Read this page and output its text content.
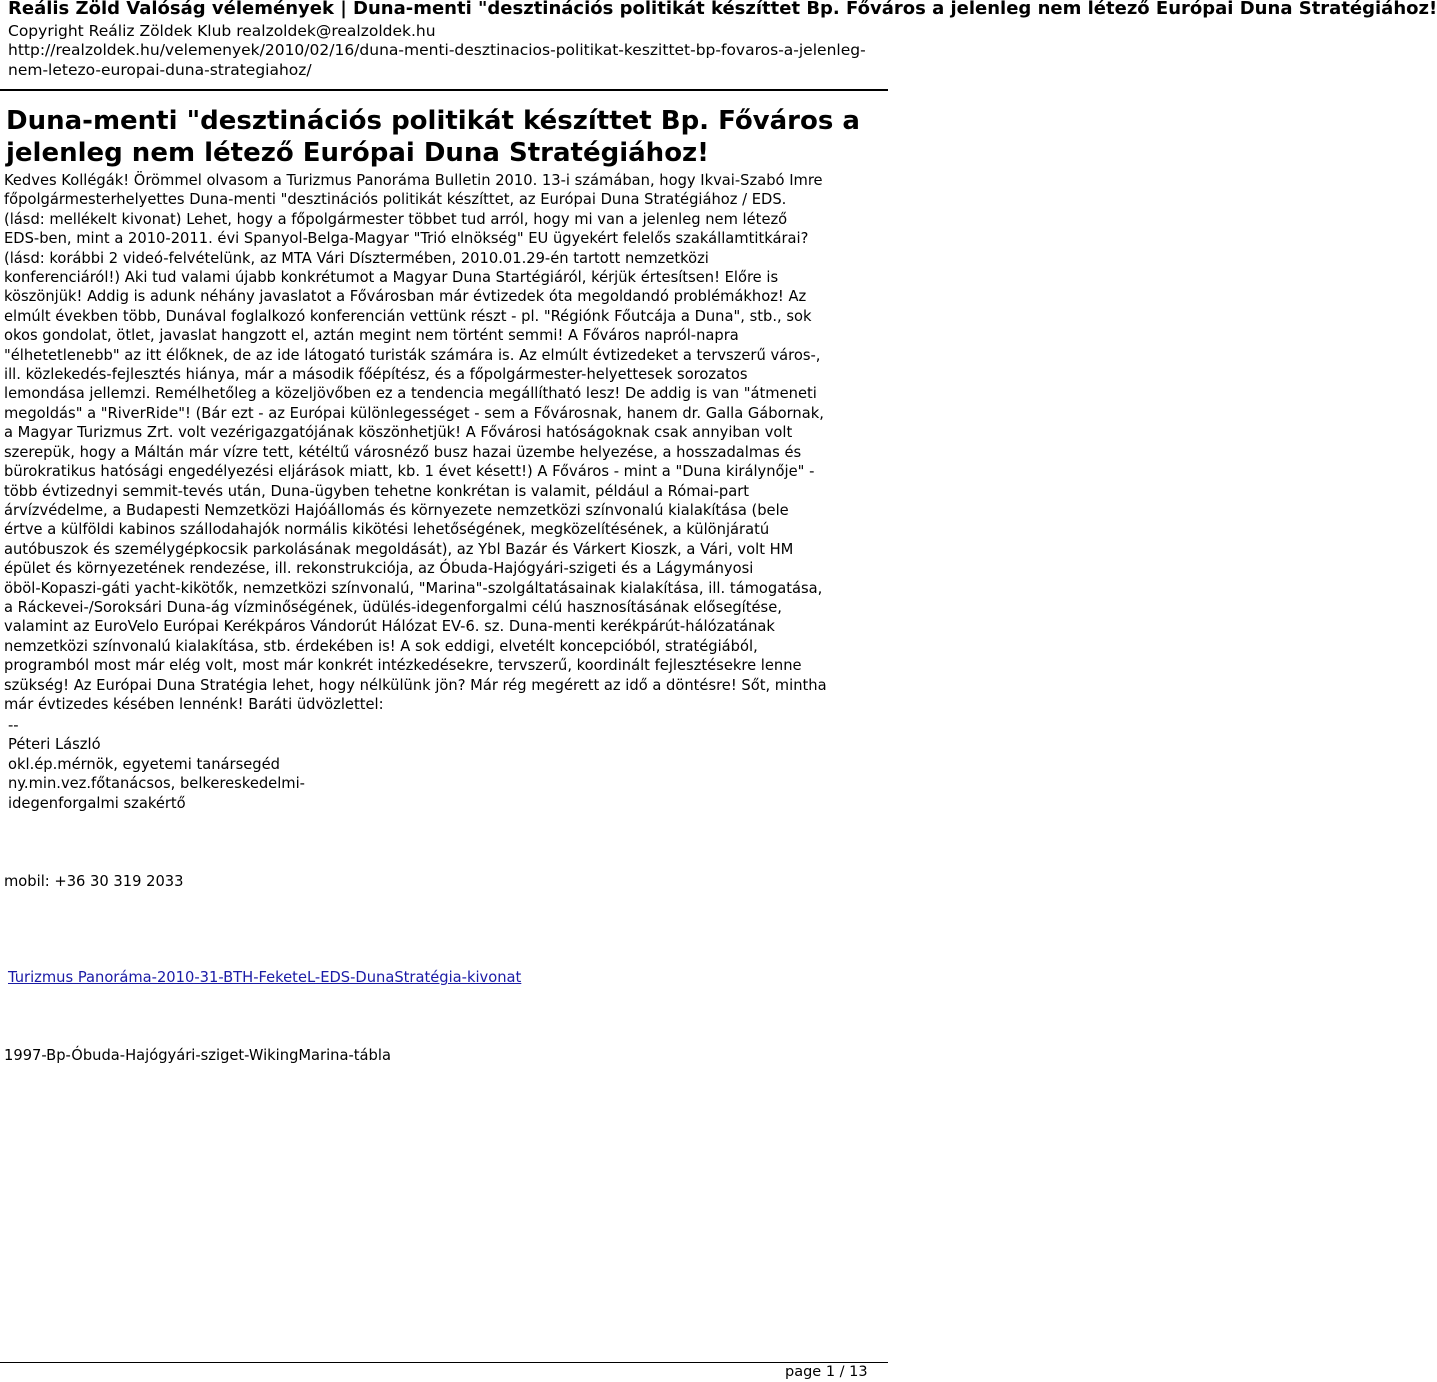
Reális Zöld Valóság vélemények | Duna-menti "desztinációs politikát készíttet Bp. Főváros a jelenleg nem létező Európai Duna Stratégiához!
Copyright Reáliz Zöldek Klub realzoldek@realzoldek.hu
http://realzoldek.hu/velemenyek/2010/02/16/duna-menti-desztinacios-politikat-keszittet-bp-fovaros-a-jelenleg-nem-letezo-europai-duna-strategiahoz/
Duna-menti "desztinációs politikát készíttet Bp. Főváros a
jelenleg nem létező Európai Duna Stratégiához!
Kedves Kollégák! Örömmel olvasom a Turizmus Panoráma Bulletin 2010. 13-i számában, hogy Ikvai-Szabó Imre
főpolgármesterhelyettes Duna-menti "desztinációs politikát készíttet, az Európai Duna Stratégiához / EDS.
(lásd: mellékelt kivonat) Lehet, hogy a főpolgármester többet tud arról, hogy mi van a jelenleg nem létező
EDS-ben, mint a 2010-2011. évi Spanyol-Belga-Magyar "Trió elnökség" EU ügyekért felelős szakállamtitkárai?
(lásd: korábbi 2 videó-felvételünk, az MTA Vári Dísztermében, 2010.01.29-én tartott nemzetközi
konferenciáról!) Aki tud valami újabb konkrétumot a Magyar Duna Startégiáról, kérjük értesítsen! Előre is
köszönjük! Addig is adunk néhány javaslatot a Fővárosban már évtizedek óta megoldandó problémákhoz! Az
elmúlt években több, Dunával foglalkozó konferencián vettünk részt - pl. "Régiónk Főutcája a Duna", stb., sok
okos gondolat, ötlet, javaslat hangzott el, aztán megint nem történt semmi! A Főváros napról-napra
"élhetetlenebb" az itt élőknek, de az ide látogató turisták számára is. Az elmúlt évtizedeket a tervszerű város-,
ill. közlekedés-fejlesztés hiánya, már a második főépítész, és a főpolgármester-helyettesek sorozatos
lemondása jellemzi. Remélhetőleg a közeljövőben ez a tendencia megállítható lesz! De addig is van "átmeneti
megoldás" a "RiverRide"! (Bár ezt - az Európai különlegességet - sem a Fővárosnak, hanem dr. Galla Gábornak,
a Magyar Turizmus Zrt. volt vezérigazgatójának köszönhetjük! A Fővárosi hatóságoknak csak annyiban volt
szerepük, hogy a Máltán már vízre tett, kétéltű városnéző busz hazai üzembe helyezése, a hosszadalmas és
bürokratikus hatósági engedélyezési eljárások miatt, kb. 1 évet késett!) A Főváros - mint a "Duna királynője" -
több évtizednyi semmit-tevés után, Duna-ügyben tehetne konkrétan is valamit, például a Római-part
árvízvédelme, a Budapesti Nemzetközi Hajóállomás és környezete nemzetközi színvonalú kialakítása (bele
értve a külföldi kabinos szállodahajók normális kikötési lehetőségének, megközelítésének, a különjáratú
autóbuszok és személygépkocsik parkolásának megoldását), az Ybl Bazár és Várkert Kioszk, a Vári, volt HM
épület és környezetének rendezése, ill. rekonstrukciója, az Óbuda-Hajógyári-szigeti és a Lágymányosi
öböl-Kopaszi-gáti yacht-kikötők, nemzetközi színvonalú, "Marina"-szolgáltatásainak kialakítása, ill. támogatása,
a Ráckevei-/Soroksári Duna-ág vízminőségének, üdülés-idegenforgalmi célú hasznosításának elősegítése,
valamint az EuroVelo Európai Kerékpáros Vándorút Hálózat EV-6. sz. Duna-menti kerékpárút-hálózatának
nemzetközi színvonalú kialakítása, stb. érdekében is! A sok eddigi, elvetélt koncepcióból, stratégiából,
programból most már elég volt, most már konkrét intézkedésekre, tervszerű, koordinált fejlesztésekre lenne
szükség! Az Európai Duna Stratégia lehet, hogy nélkülünk jön? Már rég megérett az idő a döntésre! Sőt, mintha
már évtizedes késében lennénk! Baráti üdvözlettel:
--
Péteri László
okl.ép.mérnök, egyetemi tanársegéd
ny.min.vez.főtanácsos, belkereskedelmi-
idegenforgalmi szakértő
mobil: +36 30 319 2033
Turizmus Panoráma-2010-31-BTH-FeketeL-EDS-DunaStratégia-kivonat
1997-Bp-Óbuda-Hajógyári-sziget-WikingMarina-tábla
page 1 / 13
